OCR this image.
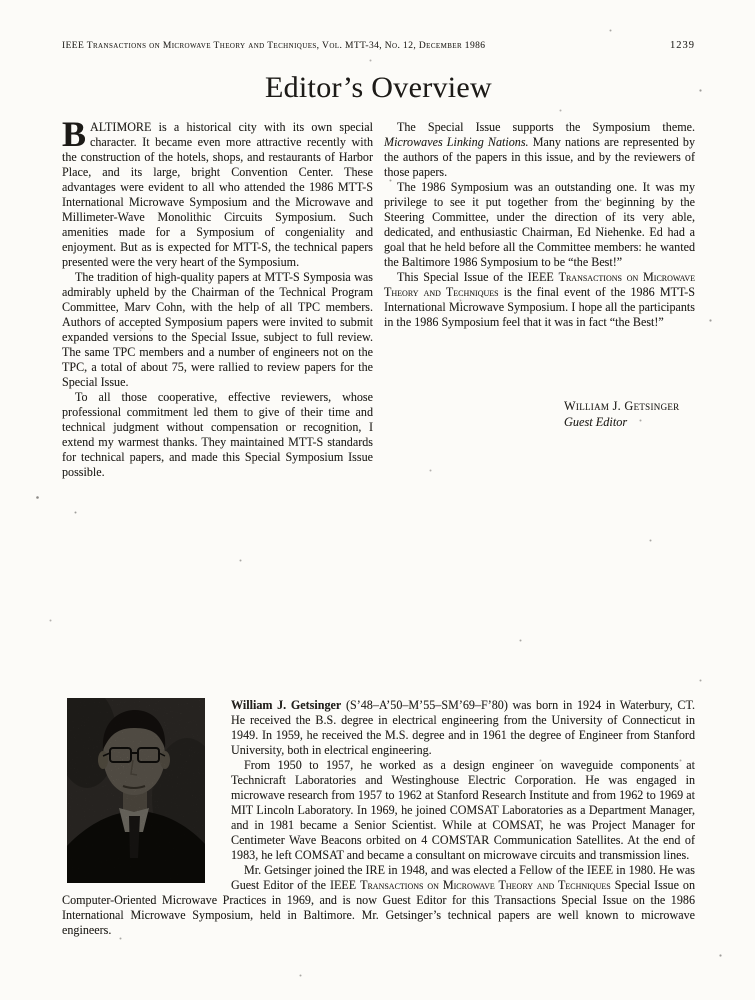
IEEE Transactions on Microwave Theory and Techniques, Vol. MTT-34, No. 12, December 1986	1239
Editor’s Overview

BALTIMORE is a historical city with its own special character. It became even more attractive recently with the construction of the hotels, shops, and restaurants of Harbor Place, and its large, bright Convention Center. These advantages were evident to all who attended the 1986 MTT-S International Microwave Symposium and the Microwave and Millimeter-Wave Monolithic Circuits Symposium. Such amenities made for a Symposium of congeniality and enjoyment. But as is expected for MTT-S, the technical papers presented were the very heart of the Symposium.

The tradition of high-quality papers at MTT-S Symposia was admirably upheld by the Chairman of the Technical Program Committee, Marv Cohn, with the help of all TPC members. Authors of accepted Symposium papers were invited to submit expanded versions to the Special Issue, subject to full review. The same TPC members and a number of engineers not on the TPC, a total of about 75, were rallied to review papers for the Special Issue.

To all those cooperative, effective reviewers, whose professional commitment led them to give of their time and technical judgment without compensation or recognition, I extend my warmest thanks. They maintained MTT-S standards for technical papers, and made this Special Symposium Issue possible.

The Special Issue supports the Symposium theme. Microwaves Linking Nations. Many nations are represented by the authors of the papers in this issue, and by the reviewers of those papers.

The 1986 Symposium was an outstanding one. It was my privilege to see it put together from the beginning by the Steering Committee, under the direction of its very able, dedicated, and enthusiastic Chairman, Ed Niehenke. Ed had a goal that he held before all the Committee members: he wanted the Baltimore 1986 Symposium to be “the Best!”

This Special Issue of the IEEE Transactions on Microwave Theory and Techniques is the final event of the 1986 MTT-S International Microwave Symposium. I hope all the participants in the 1986 Symposium feel that it was in fact “the Best!”

William J. Getsinger
Guest Editor

William J. Getsinger (S’48–A’50–M’55–SM’69–F’80) was born in 1924 in Waterbury, CT. He received the B.S. degree in electrical engineering from the University of Connecticut in 1949. In 1959, he received the M.S. degree and in 1961 the degree of Engineer from Stanford University, both in electrical engineering.

From 1950 to 1957, he worked as a design engineer on waveguide components at Technicraft Laboratories and Westinghouse Electric Corporation. He was engaged in microwave research from 1957 to 1962 at Stanford Research Institute and from 1962 to 1969 at MIT Lincoln Laboratory. In 1969, he joined COMSAT Laboratories as a Department Manager, and in 1981 became a Senior Scientist. While at COMSAT, he was Project Manager for Centimeter Wave Beacons orbited on 4 COMSTAR Communication Satellites. At the end of 1983, he left COMSAT and became a consultant on microwave circuits and transmission lines.

Mr. Getsinger joined the IRE in 1948, and was elected a Fellow of the IEEE in 1980. He was Guest Editor of the IEEE Transactions on Microwave Theory and Techniques Special Issue on Computer-Oriented Microwave Practices in 1969, and is now Guest Editor for this Transactions Special Issue on the 1986 International Microwave Symposium, held in Baltimore. Mr. Getsinger’s technical papers are well known to microwave engineers.
